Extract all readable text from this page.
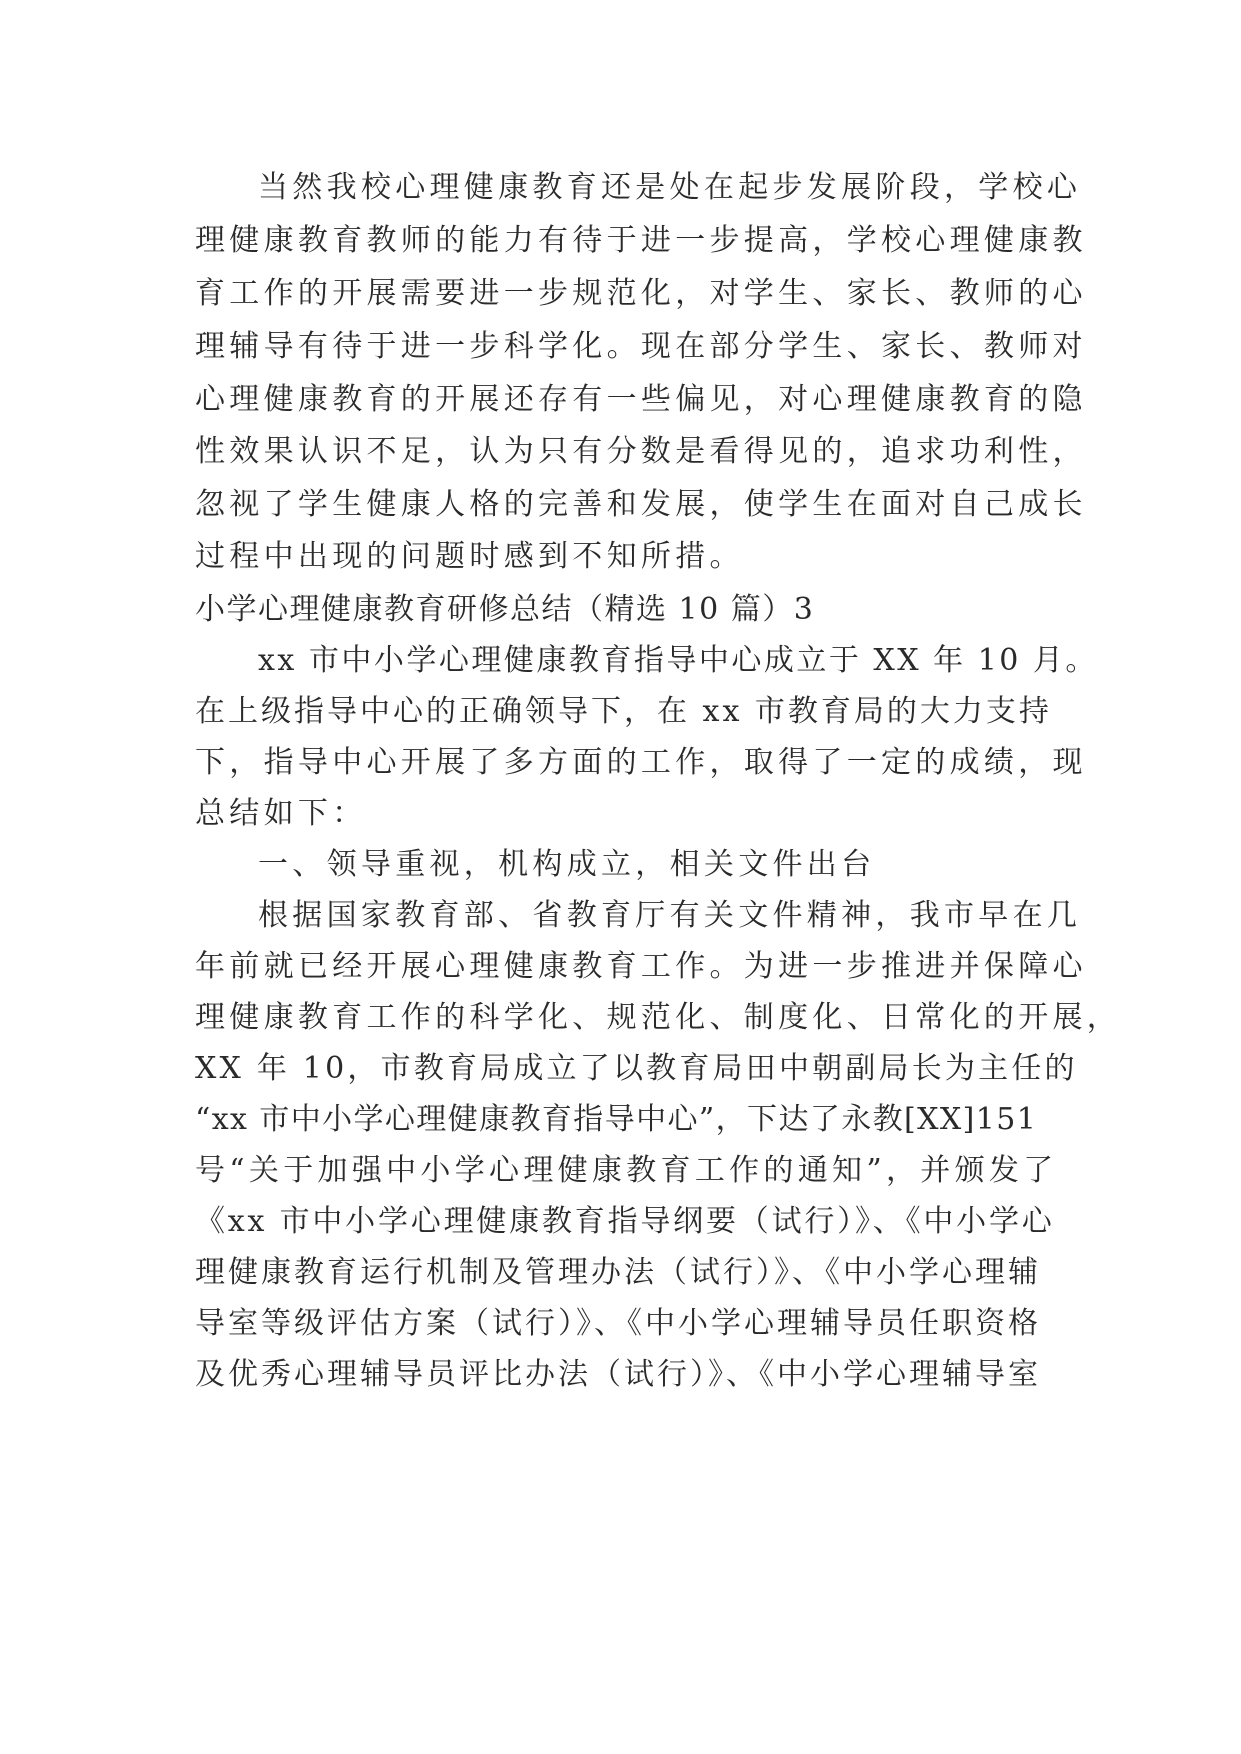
当然我校心理健康教育还是处在起步发展阶段，学校心

理健康教育教师的能力有待于进一步提高，学校心理健康教

育工作的开展需要进一步规范化，对学生、家长、教师的心

理辅导有待于进一步科学化。现在部分学生、家长、教师对

心理健康教育的开展还存有一些偏见，对心理健康教育的隐

性效果认识不足，认为只有分数是看得见的，追求功利性，

忽视了学生健康人格的完善和发展，使学生在面对自己成长

过程中出现的问题时感到不知所措。

小学心理健康教育研修总结（精选 10 篇）3

xx 市中小学心理健康教育指导中心成立于 XX 年 10 月。

在上级指导中心的正确领导下，在 xx 市教育局的大力支持

下，指导中心开展了多方面的工作，取得了一定的成绩，现

总结如下：

一、领导重视，机构成立，相关文件出台

根据国家教育部、省教育厅有关文件精神，我市早在几

年前就已经开展心理健康教育工作。为进一步推进并保障心

理健康教育工作的科学化、规范化、制度化、日常化的开展，

XX 年 10，市教育局成立了以教育局田中朝副局长为主任的

“xx 市中小学心理健康教育指导中心”，下达了永教[XX]151

号“关于加强中小学心理健康教育工作的通知”，并颁发了

《xx 市中小学心理健康教育指导纲要（试行）》、《中小学心

理健康教育运行机制及管理办法（试行）》、《中小学心理辅

导室等级评估方案（试行）》、《中小学心理辅导员任职资格

及优秀心理辅导员评比办法（试行）》、《中小学心理辅导室
